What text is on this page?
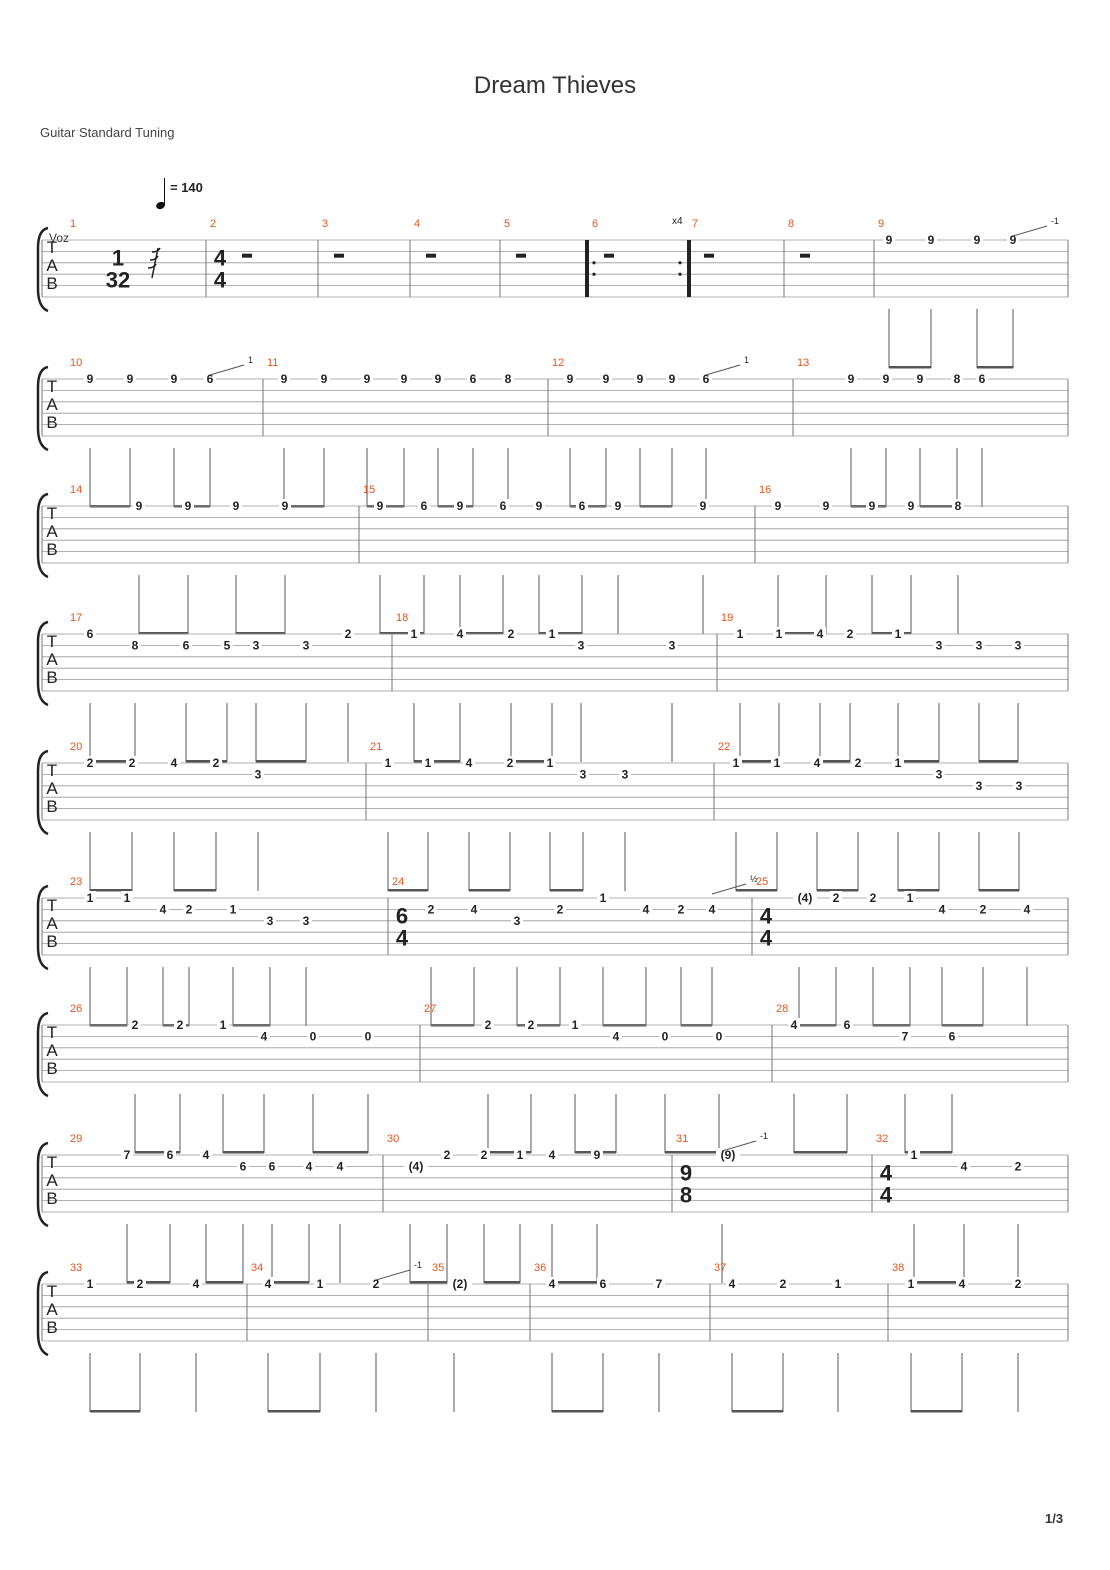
Dream Thieves
Guitar Standard Tuning
Voz
= 140
1/3
T
A
B
1
1
32
2
4
4
3	4	5	6	x4 7	8	9
9	9	9 9
-1
T
A
B
10
9	9	9 6
1 11
9	9	9	9 9 6 8
12
9 9 9 9 6
1	13
9 9 9	8 6
T
A
B
14
9	9	9	9
15
9	6 9	6 9	6 9	9
16
9	9	9	9	8
T
A
B
17
6
8	6	5 3	3
2
18
1	4	2	1
3	3
19
1	1	4 2	1
3	3	3
T
A
B
20
2	2	4	2
3
21
1	1	4	2	1
3	3
22
1	1	4	2	1
3
3	3
T
A
B
23
1	1
4 2	1
3 3
24
6
4
2	4
3
2
1
4 2 4
½
25
4
4
(4) 2	2	1
4	2	4
T
A
B
26
2	2	1
4	0	0
27
2	2	1
4	0	0
28
4	6
7	6
T
A
B
29
7	6 4
6 6	4 4
30
(4)
2	2 1 4	9
31
9
8
(9)
-1	32
4
4
1
4	2
T
A
B
33
1	2	4
34
4	1	2
-1 35
(2)
36
4	6	7
37
4	2	1
38
1	4	2
